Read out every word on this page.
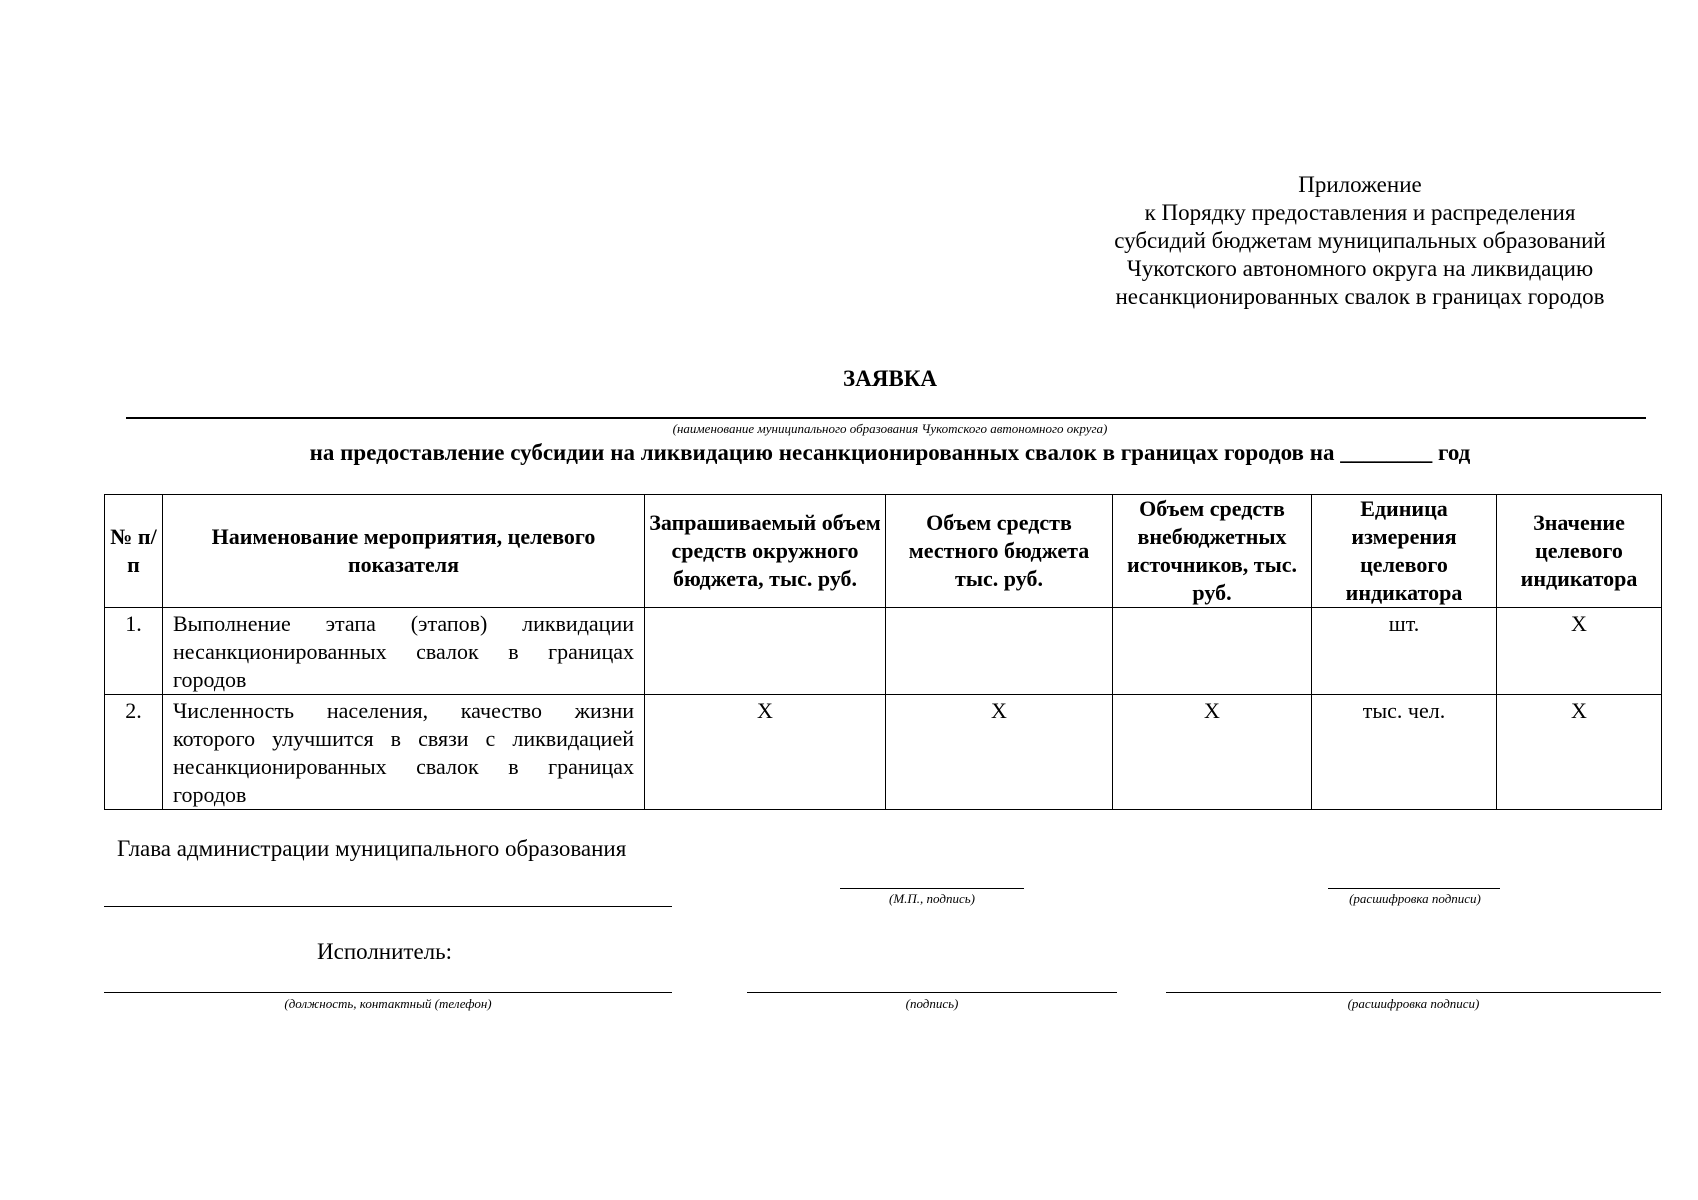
Приложение
к Порядку предоставления и распределения
субсидий бюджетам муниципальных образований
Чукотского автономного округа на ликвидацию
несанкционированных свалок в границах городов
ЗАЯВКА
(наименование муниципального образования Чукотского автономного округа)
на предоставление субсидии на ликвидацию несанкционированных свалок в границах городов на ________ год
№ п/п	Наименование мероприятия, целевого показателя	Запрашиваемый объем средств окружного бюджета, тыс. руб.	Объем средств местного бюджета тыс. руб.	Объем средств внебюджетных источников, тыс. руб.	Единица измерения целевого индикатора	Значение целевого индикатора
1.	Выполнение этапа (этапов) ликвидации несанкционированных свалок в границах городов				шт.	X
2.	Численность населения, качество жизни которого улучшится в связи с ликвидацией несанкционированных свалок в границах городов	X	X	X	тыс. чел.	X
Глава администрации муниципального образования
(М.П., подпись)	(расшифровка подписи)
Исполнитель:
(должность, контактный (телефон)	(подпись)	(расшифровка подписи)
